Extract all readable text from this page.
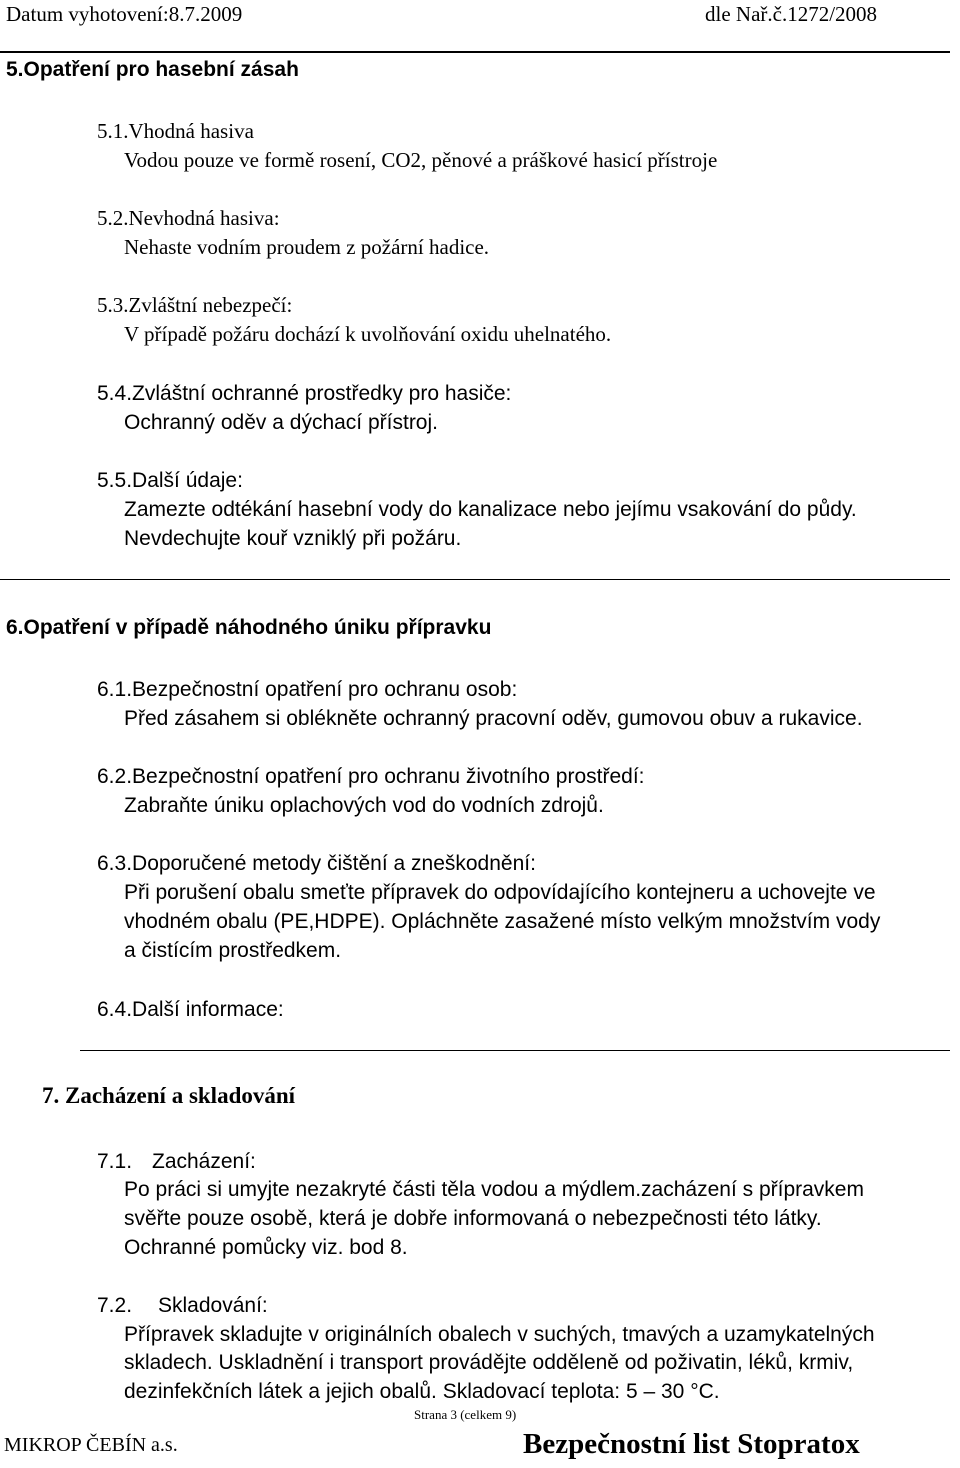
Datum vyhotovení:8.7.2009	dle Nař.č.1272/2008
5.Opatření pro hasební zásah
5.1.Vhodná hasiva
Vodou pouze ve formě rosení, CO2, pěnové a práškové hasicí přístroje
5.2.Nevhodná hasiva:
Nehaste vodním proudem z požární hadice.
5.3.Zvláštní nebezpečí:
V případě požáru dochází k uvolňování oxidu uhelnatého.
5.4.Zvláštní ochranné prostředky pro hasiče:
Ochranný oděv a dýchací přístroj.
5.5.Další údaje:
Zamezte odtékání hasební vody do kanalizace nebo jejímu vsakování do půdy.
Nevdechujte kouř vzniklý při požáru.
6.Opatření v případě náhodného úniku přípravku
6.1.Bezpečnostní opatření pro ochranu osob:
Před zásahem si oblékněte ochranný pracovní oděv, gumovou obuv a rukavice.
6.2.Bezpečnostní opatření pro ochranu životního prostředí:
Zabraňte úniku oplachových vod do vodních zdrojů.
6.3.Doporučené metody čištění a zneškodnění:
Při porušení obalu smeťte přípravek do odpovídajícího kontejneru a uchovejte ve
vhodném obalu (PE,HDPE). Opláchněte zasažené místo velkým množstvím vody
a čistícím prostředkem.
6.4.Další informace:
7. Zacházení a skladování
7.1. Zacházení:
Po práci si umyjte nezakryté části těla vodou a mýdlem.zacházení s přípravkem
svěřte pouze osobě, která je dobře informovaná o nebezpečnosti této látky.
Ochranné pomůcky viz. bod 8.
7.2. Skladování:
Přípravek skladujte v originálních obalech v suchých, tmavých a uzamykatelných
skladech. Uskladnění i transport provádějte odděleně od poživatin, léků, krmiv,
dezinfekčních látek a jejich obalů. Skladovací teplota: 5 – 30 °C.
Strana 3 (celkem 9)
MIKROP ČEBÍN a.s.	Bezpečnostní list Stopratox
